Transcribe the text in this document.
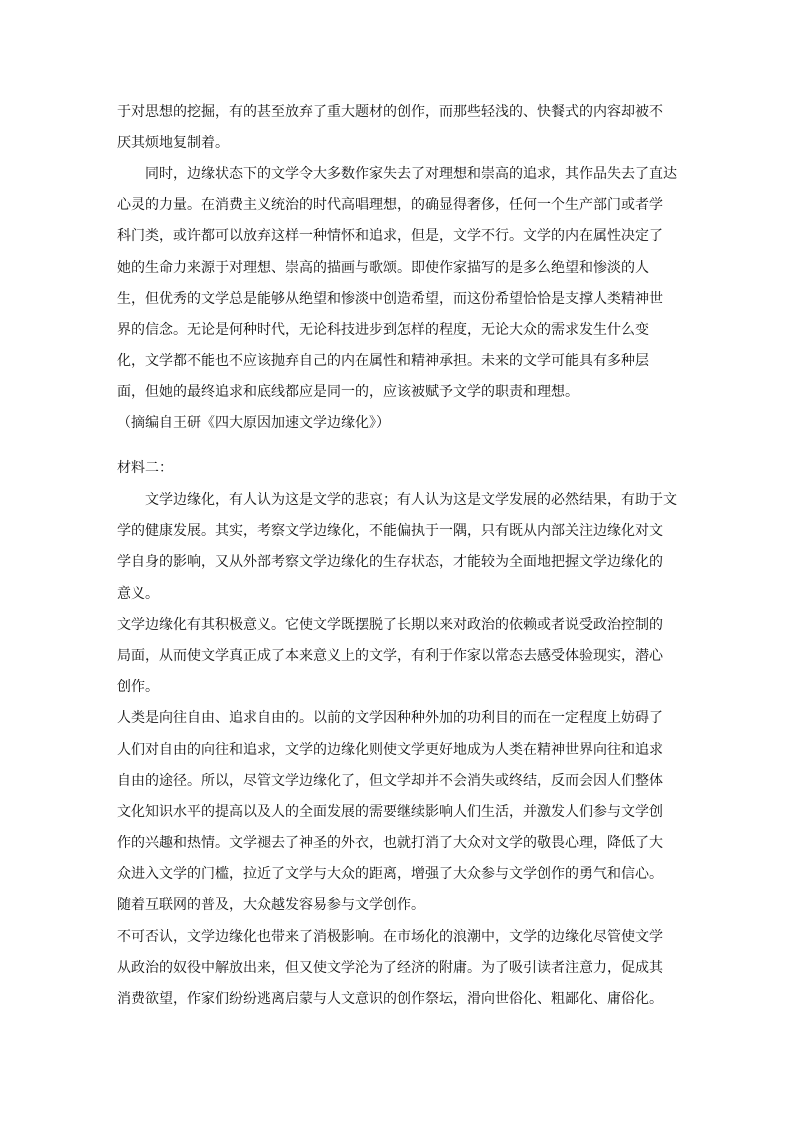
于对思想的挖掘，有的甚至放弃了重大题材的创作，而那些轻浅的、快餐式的内容却被不
厌其烦地复制着。
同时，边缘状态下的文学令大多数作家失去了对理想和崇高的追求，其作品失去了直达
心灵的力量。在消费主义统治的时代高唱理想，的确显得奢侈，任何一个生产部门或者学
科门类，或许都可以放弃这样一种情怀和追求，但是，文学不行。文学的内在属性决定了
她的生命力来源于对理想、崇高的描画与歌颂。即使作家描写的是多么绝望和惨淡的人
生，但优秀的文学总是能够从绝望和惨淡中创造希望，而这份希望恰恰是支撑人类精神世
界的信念。无论是何种时代，无论科技进步到怎样的程度，无论大众的需求发生什么变
化，文学都不能也不应该抛弃自己的内在属性和精神承担。未来的文学可能具有多种层
面，但她的最终追求和底线都应是同一的，应该被赋予文学的职责和理想。
（摘编自王研《四大原因加速文学边缘化》）
材料二：
文学边缘化，有人认为这是文学的悲哀；有人认为这是文学发展的必然结果，有助于文
学的健康发展。其实，考察文学边缘化，不能偏执于一隅，只有既从内部关注边缘化对文
学自身的影响，又从外部考察文学边缘化的生存状态，才能较为全面地把握文学边缘化的
意义。
文学边缘化有其积极意义。它使文学既摆脱了长期以来对政治的依赖或者说受政治控制的
局面，从而使文学真正成了本来意义上的文学，有利于作家以常态去感受体验现实，潜心
创作。
人类是向往自由、追求自由的。以前的文学因种种外加的功利目的而在一定程度上妨碍了
人们对自由的向往和追求，文学的边缘化则使文学更好地成为人类在精神世界向往和追求
自由的途径。所以，尽管文学边缘化了，但文学却并不会消失或终结，反而会因人们整体
文化知识水平的提高以及人的全面发展的需要继续影响人们生活，并激发人们参与文学创
作的兴趣和热情。文学褪去了神圣的外衣，也就打消了大众对文学的敬畏心理，降低了大
众进入文学的门槛，拉近了文学与大众的距离，增强了大众参与文学创作的勇气和信心。
随着互联网的普及，大众越发容易参与文学创作。
不可否认，文学边缘化也带来了消极影响。在市场化的浪潮中，文学的边缘化尽管使文学
从政治的奴役中解放出来，但又使文学沦为了经济的附庸。为了吸引读者注意力，促成其
消费欲望，作家们纷纷逃离启蒙与人文意识的创作祭坛，滑向世俗化、粗鄙化、庸俗化。
